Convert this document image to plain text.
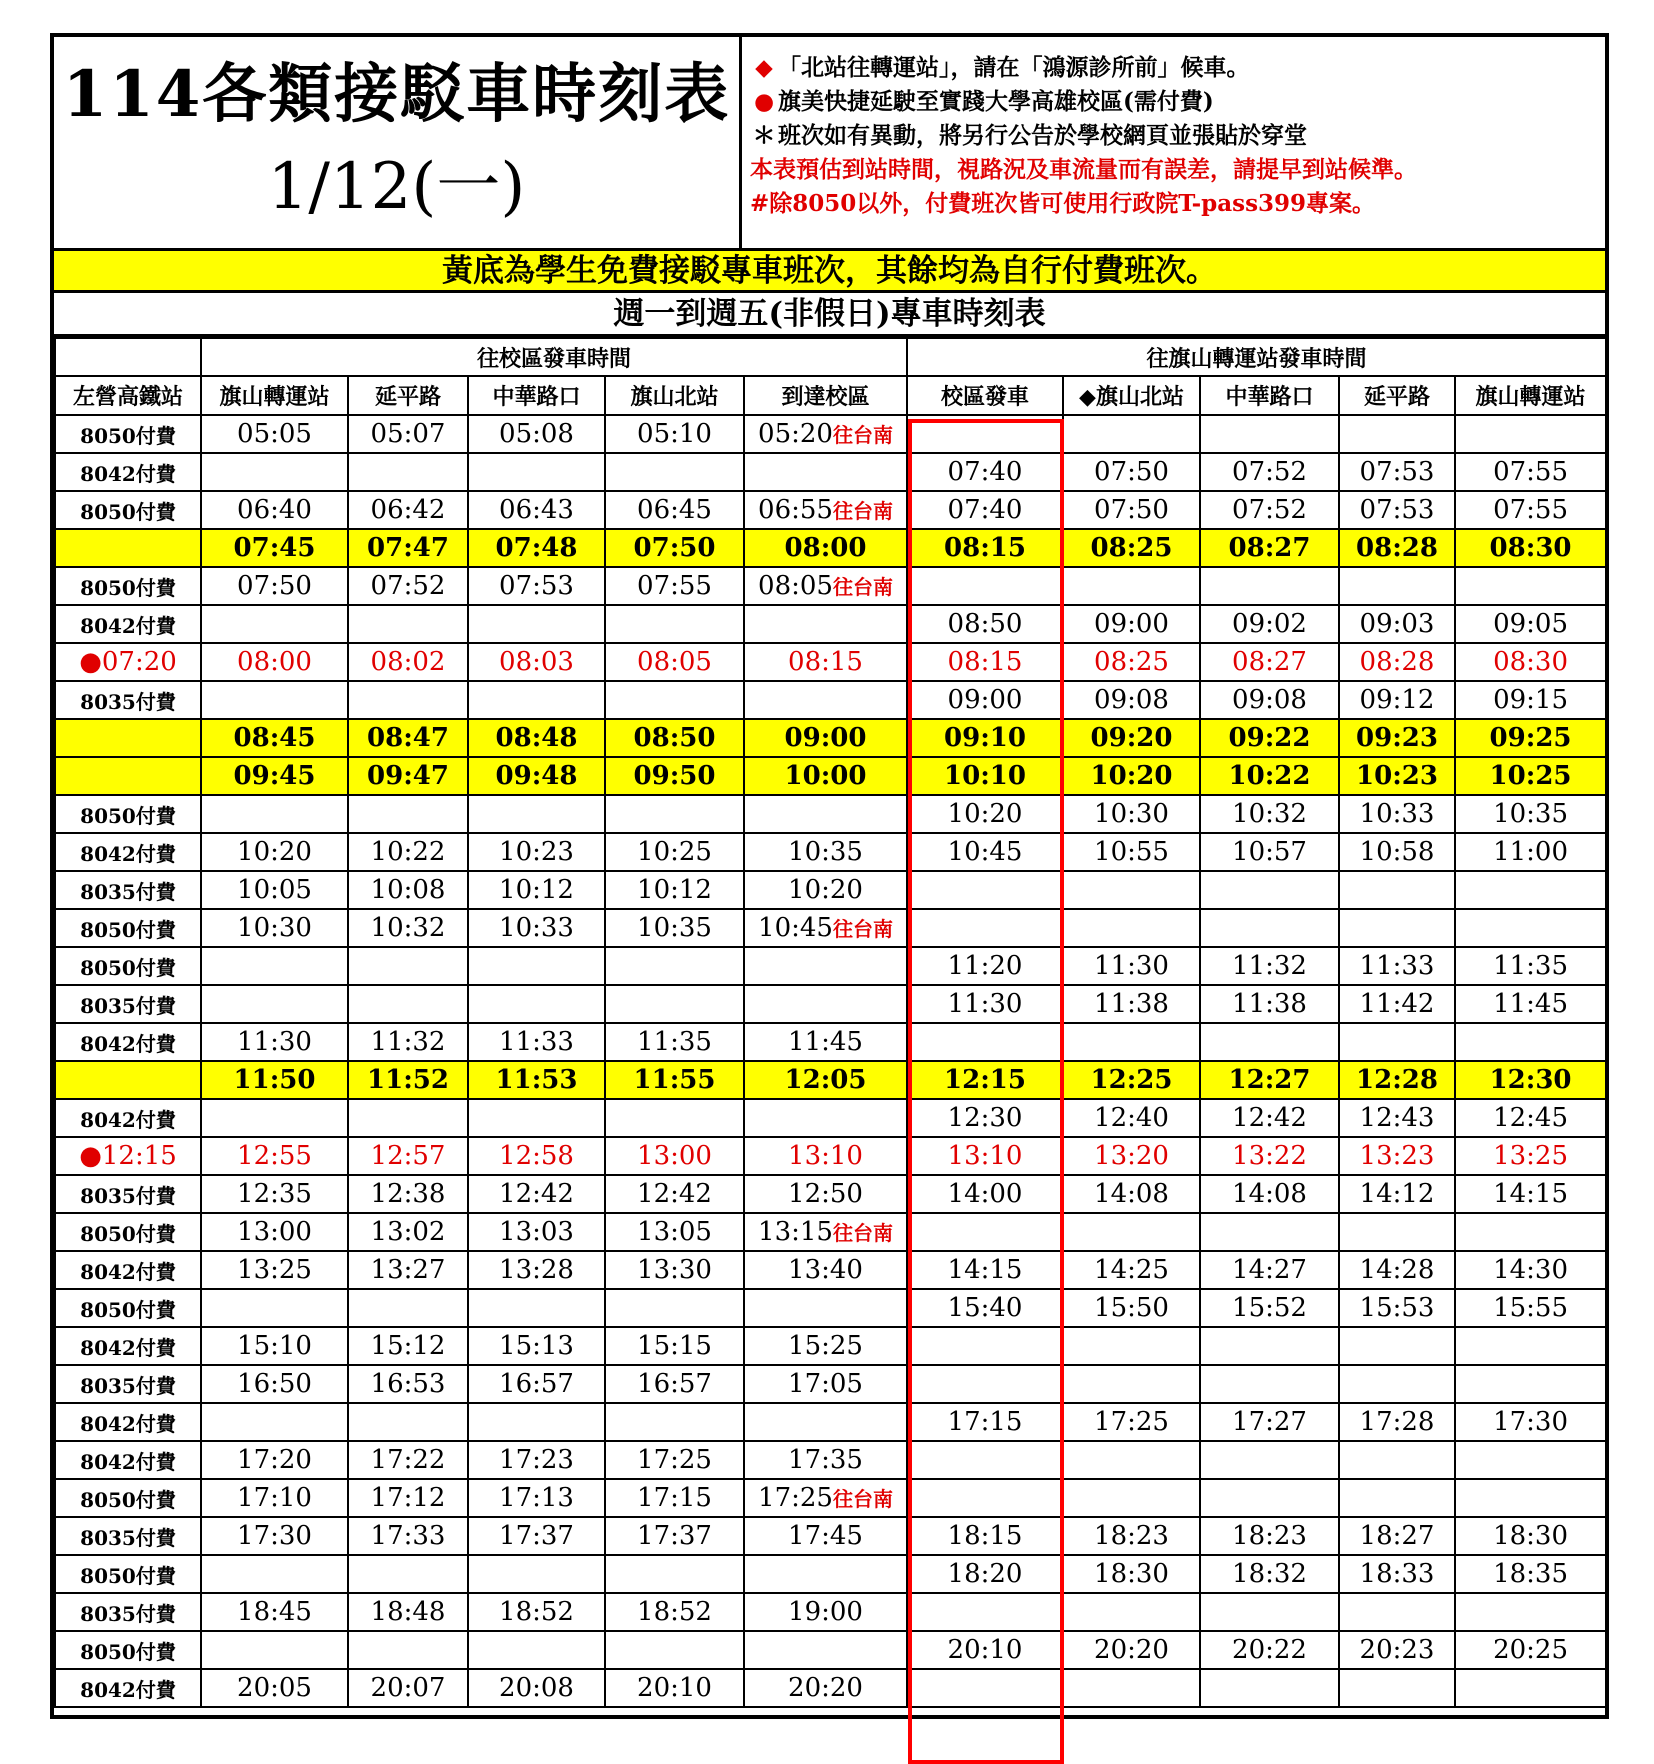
114各類接駁車時刻表
1/12(一)
◆ 「北站往轉運站」，請在「鴻源診所前」候車。
● 旗美快捷延駛至實踐大學高雄校區(需付費)
＊ 班次如有異動，將另行公告於學校網頁並張貼於穿堂
本表預估到站時間，視路況及車流量而有誤差，請提早到站候準。
#除8050以外，付費班次皆可使用行政院T-pass399專案。
黃底為學生免費接駁專車班次，其餘均為自行付費班次。
週一到週五(非假日)專車時刻表
	往校區發車時間					往旗山轉運站發車時間				
左營高鐵站	旗山轉運站	延平路	中華路口	旗山北站	到達校區	校區發車	◆旗山北站	中華路口	延平路	旗山轉運站
8050付費	05:05	05:07	05:08	05:10	05:20往台南					
8042付費						07:40	07:50	07:52	07:53	07:55
8050付費	06:40	06:42	06:43	06:45	06:55往台南	07:40	07:50	07:52	07:53	07:55
	07:45	07:47	07:48	07:50	08:00	08:15	08:25	08:27	08:28	08:30
8050付費	07:50	07:52	07:53	07:55	08:05往台南					
8042付費						08:50	09:00	09:02	09:03	09:05
●07:20	08:00	08:02	08:03	08:05	08:15	08:15	08:25	08:27	08:28	08:30
8035付費						09:00	09:08	09:08	09:12	09:15
	08:45	08:47	08:48	08:50	09:00	09:10	09:20	09:22	09:23	09:25
	09:45	09:47	09:48	09:50	10:00	10:10	10:20	10:22	10:23	10:25
8050付費						10:20	10:30	10:32	10:33	10:35
8042付費	10:20	10:22	10:23	10:25	10:35	10:45	10:55	10:57	10:58	11:00
8035付費	10:05	10:08	10:12	10:12	10:20					
8050付費	10:30	10:32	10:33	10:35	10:45往台南					
8050付費						11:20	11:30	11:32	11:33	11:35
8035付費						11:30	11:38	11:38	11:42	11:45
8042付費	11:30	11:32	11:33	11:35	11:45					
	11:50	11:52	11:53	11:55	12:05	12:15	12:25	12:27	12:28	12:30
8042付費						12:30	12:40	12:42	12:43	12:45
●12:15	12:55	12:57	12:58	13:00	13:10	13:10	13:20	13:22	13:23	13:25
8035付費	12:35	12:38	12:42	12:42	12:50	14:00	14:08	14:08	14:12	14:15
8050付費	13:00	13:02	13:03	13:05	13:15往台南					
8042付費	13:25	13:27	13:28	13:30	13:40	14:15	14:25	14:27	14:28	14:30
8050付費						15:40	15:50	15:52	15:53	15:55
8042付費	15:10	15:12	15:13	15:15	15:25					
8035付費	16:50	16:53	16:57	16:57	17:05					
8042付費						17:15	17:25	17:27	17:28	17:30
8042付費	17:20	17:22	17:23	17:25	17:35					
8050付費	17:10	17:12	17:13	17:15	17:25往台南					
8035付費	17:30	17:33	17:37	17:37	17:45	18:15	18:23	18:23	18:27	18:30
8050付費						18:20	18:30	18:32	18:33	18:35
8035付費	18:45	18:48	18:52	18:52	19:00					
8050付費						20:10	20:20	20:22	20:23	20:25
8042付費	20:05	20:07	20:08	20:10	20:20					
